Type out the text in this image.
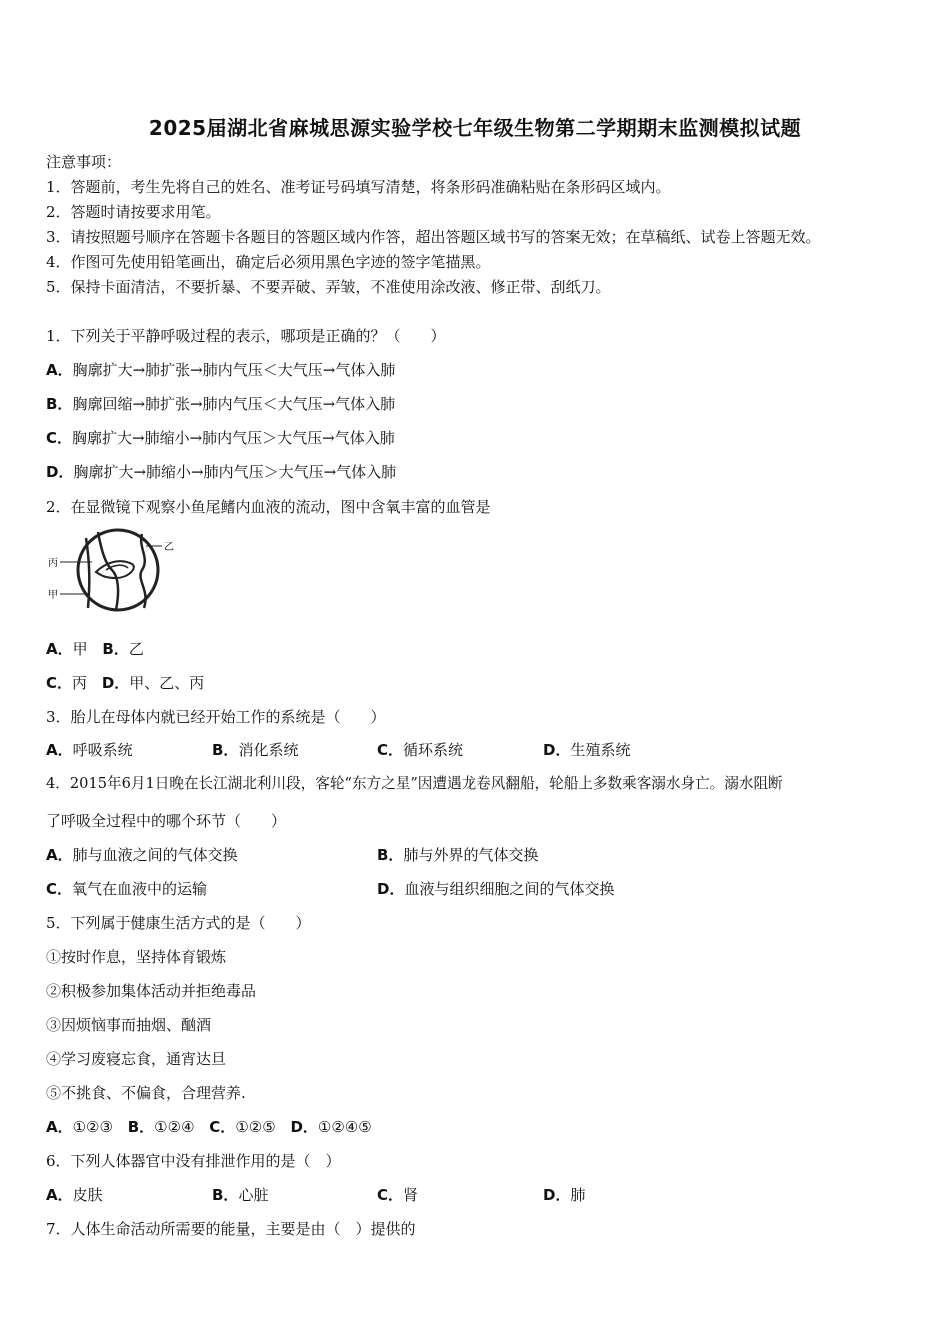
2025届湖北省麻城思源实验学校七年级生物第二学期期末监测模拟试题
注意事项：
1．答题前，考生先将自己的姓名、准考证号码填写清楚，将条形码准确粘贴在条形码区域内。
2．答题时请按要求用笔。
3．请按照题号顺序在答题卡各题目的答题区域内作答，超出答题区域书写的答案无效；在草稿纸、试卷上答题无效。
4．作图可先使用铅笔画出，确定后必须用黑色字迹的签字笔描黑。
5．保持卡面清洁，不要折暴、不要弄破、弄皱，不准使用涂改液、修正带、刮纸刀。
1．下列关于平静呼吸过程的表示，哪项是正确的？（　　）
A．胸廓扩大→肺扩张→肺内气压＜大气压→气体入肺
B．胸廓回缩→肺扩张→肺内气压＜大气压→气体入肺
C．胸廓扩大→肺缩小→肺内气压＞大气压→气体入肺
D．胸廓扩大→肺缩小→肺内气压＞大气压→气体入肺
2．在显微镜下观察小鱼尾鳍内血液的流动，图中含氧丰富的血管是
丙
乙
甲
A．甲 B．乙
C．丙 D．甲、乙、丙
3．胎儿在母体内就已经开始工作的系统是（　　）
A．呼吸系统	B．消化系统	C．循环系统	D．生殖系统
4．2015年6月1日晚在长江湖北利川段，客轮“东方之星”因遭遇龙卷风翻船，轮船上多数乘客溺水身亡。溺水阻断
了呼吸全过程中的哪个环节（　　）
A．肺与血液之间的气体交换	B．肺与外界的气体交换
C．氧气在血液中的运输	D．血液与组织细胞之间的气体交换
5．下列属于健康生活方式的是（　　）
①按时作息，坚持体育锻炼
②积极参加集体活动并拒绝毒品
③因烦恼事而抽烟、酗酒
④学习废寝忘食，通宵达旦
⑤不挑食、不偏食，合理营养.
A．①②③ B．①②④ C．①②⑤ D．①②④⑤
6．下列人体器官中没有排泄作用的是（　）
A．皮肤	B．心脏	C．肾	D．肺
7．人体生命活动所需要的能量，主要是由（　）提供的
